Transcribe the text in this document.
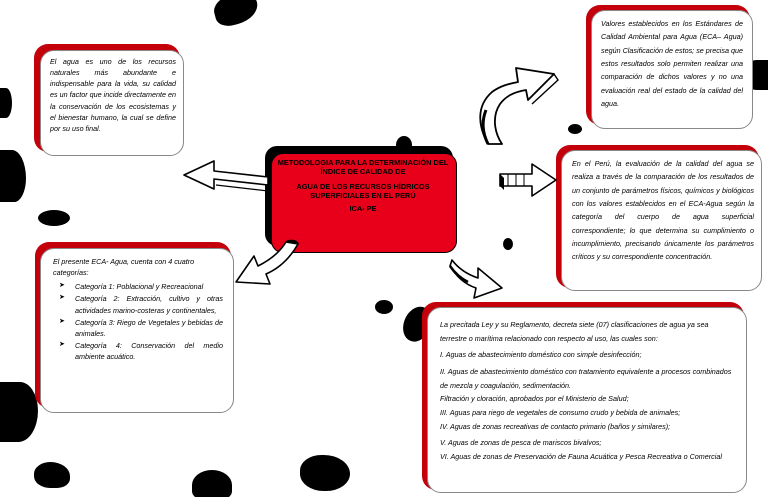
El agua es uno de los recursos naturales más abundante e indispensable para la vida, su calidad es un factor que incide directamente en la conservación de los ecosistemas y el bienestar humano, la cual se define por su uso final.
El presente ECA- Agua, cuenta con 4 cuatro categorías:
➤ Categoría 1: Poblacional y Recreacional
➤ Categoría 2: Extracción, cultivo y otras actividades marino-costeras y continentales,
➤ Categoría 3: Riego de Vegetales y bebidas de animales.
➤ Categoría 4: Conservación del medio ambiente acuático.
METODOLOGIA PARA LA DETERMINACIÓN DEL ÍNDICE DE CALIDAD DE
AGUA DE LOS RECURSOS HÍDRICOS SUPERFICIALES EN EL PERÚ
ICA- PE
Valores establecidos en los Estándares de Calidad Ambiental para Agua (ECA– Agua) según Clasificación de estos; se precisa que estos resultados solo permiten realizar una comparación de dichos valores y no una evaluación real del estado de la calidad del agua.
En el Perú, la evaluación de la calidad del agua se realiza a través de la comparación de los resultados de un conjunto de parámetros físicos, químicos y biológicos con los valores establecidos en el ECA-Agua según la categoría del cuerpo de agua superficial correspondiente; lo que determina su cumplimiento o incumplimiento, precisando únicamente los parámetros críticos y su correspondiente concentración.
La precitada Ley y su Reglamento, decreta siete (07) clasificaciones de agua ya sea terrestre o marítima relacionado con respecto al uso, las cuales son:
I. Aguas de abastecimiento doméstico con simple desinfección;
II. Aguas de abastecimiento doméstico con tratamiento equivalente a procesos combinados de mezcla y coagulación, sedimentación.
Filtración y cloración, aprobados por el Ministerio de Salud;
III. Aguas para riego de vegetales de consumo crudo y bebida de animales;
IV. Aguas de zonas recreativas de contacto primario (baños y similares);
V. Aguas de zonas de pesca de mariscos bivalvos;
VI. Aguas de zonas de Preservación de Fauna Acuática y Pesca Recreativa o Comercial
